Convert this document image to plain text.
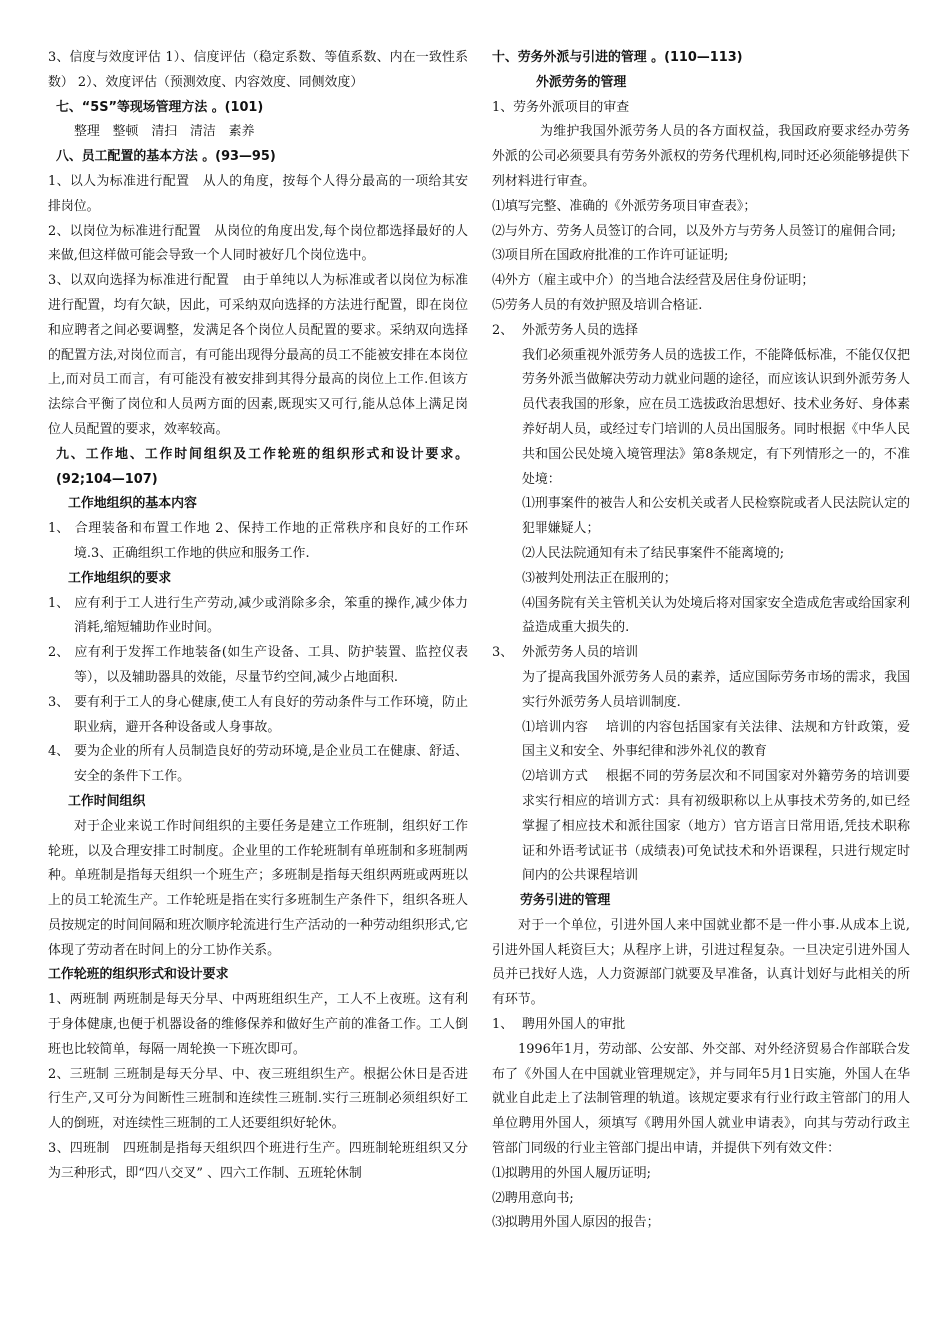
3、信度与效度评估 1）、信度评估（稳定系数、等值系数、内在一致性系数） 2）、效度评估（预测效度、内容效度、同侧效度）
七、“5S”等现场管理方法 。(101)
整理　整顿　清扫　清洁　素养
八、员工配置的基本方法 。(93—95)
1、以人为标准进行配置　从人的角度，按每个人得分最高的一项给其安排岗位。
2、以岗位为标准进行配置　从岗位的角度出发,每个岗位都选择最好的人来做,但这样做可能会导致一个人同时被好几个岗位选中。
3、以双向选择为标准进行配置　由于单纯以人为标准或者以岗位为标准进行配置，均有欠缺，因此，可采纳双向选择的方法进行配置，即在岗位和应聘者之间必要调整，发满足各个岗位人员配置的要求。采纳双向选择的配置方法,对岗位而言，有可能出现得分最高的员工不能被安排在本岗位上,而对员工而言，有可能没有被安排到其得分最高的岗位上工作.但该方法综合平衡了岗位和人员两方面的因素,既现实又可行,能从总体上满足岗位人员配置的要求，效率较高。
九、工作地、工作时间组织及工作轮班的组织形式和设计要求。(92;104—107)
工作地组织的基本内容
1、 合理装备和布置工作地 2、保持工作地的正常秩序和良好的工作环境.3、正确组织工作地的供应和服务工作.
工作地组织的要求
1、 应有利于工人进行生产劳动,减少或消除多余，笨重的操作,减少体力消耗,缩短辅助作业时间。
2、 应有利于发挥工作地装备(如生产设备、工具、防护装置、监控仪表等），以及辅助器具的效能，尽量节约空间,减少占地面积.
3、 要有利于工人的身心健康,使工人有良好的劳动条件与工作环境，防止职业病，避开各种设备或人身事故。
4、 要为企业的所有人员制造良好的劳动环境,是企业员工在健康、舒适、安全的条件下工作。
工作时间组织
对于企业来说工作时间组织的主要任务是建立工作班制，组织好工作轮班，以及合理安排工时制度。企业里的工作轮班制有单班制和多班制两种。单班制是指每天组织一个班生产；多班制是指每天组织两班或两班以上的员工轮流生产。工作轮班是指在实行多班制生产条件下，组织各班人员按规定的时间间隔和班次顺序轮流进行生产活动的一种劳动组织形式,它体现了劳动者在时间上的分工协作关系。
工作轮班的组织形式和设计要求
1、两班制 两班制是每天分早、中两班组织生产，工人不上夜班。这有利于身体健康,也便于机器设备的维修保养和做好生产前的准备工作。工人倒班也比较简单，每隔一周轮换一下班次即可。
2、三班制 三班制是每天分早、中、夜三班组织生产。根据公休日是否进行生产,又可分为间断性三班制和连续性三班制.实行三班制必须组织好工人的倒班，对连续性三班制的工人还要组织好轮休。
3、四班制　四班制是指每天组织四个班进行生产。四班制轮班组织又分为三种形式，即“四八交叉” 、四六工作制、五班轮休制
十、劳务外派与引进的管理 。(110—113)
外派劳务的管理
1、劳务外派项目的审查
为维护我国外派劳务人员的各方面权益，我国政府要求经办劳务外派的公司必须要具有劳务外派权的劳务代理机构,同时还必须能够提供下列材料进行审查。
⑴填写完整、准确的《外派劳务项目审查表》；
⑵与外方、劳务人员签订的合同，以及外方与劳务人员签订的雇佣合同;
⑶项目所在国政府批准的工作许可证证明;
⑷外方（雇主或中介）的当地合法经营及居住身份证明；
⑸劳务人员的有效护照及培训合格证.
2、 外派劳务人员的选择
我们必须重视外派劳务人员的选拔工作，不能降低标准，不能仅仅把劳务外派当做解决劳动力就业问题的途径，而应该认识到外派劳务人员代表我国的形象，应在员工选拔政治思想好、技术业务好、身体素养好胡人员，或经过专门培训的人员出国服务。同时根据《中华人民共和国公民处境入境管理法》第8条规定，有下列情形之一的，不准处境：
⑴刑事案件的被告人和公安机关或者人民检察院或者人民法院认定的犯罪嫌疑人；
⑵人民法院通知有未了结民事案件不能离境的;
⑶被判处刑法正在服刑的；
⑷国务院有关主管机关认为处境后将对国家安全造成危害或给国家利益造成重大损失的.
3、 外派劳务人员的培训
为了提高我国外派劳务人员的素养，适应国际劳务市场的需求，我国实行外派劳务人员培训制度.
⑴培训内容　 培训的内容包括国家有关法律、法规和方针政策，爱国主义和安全、外事纪律和涉外礼仪的教育
⑵培训方式　 根据不同的劳务层次和不同国家对外籍劳务的培训要求实行相应的培训方式：具有初级职称以上从事技术劳务的,如已经掌握了相应技术和派往国家（地方）官方语言日常用语,凭技术职称证和外语考试证书（成绩表)可免试技术和外语课程，只进行规定时间内的公共课程培训
劳务引进的管理
对于一个单位，引进外国人来中国就业都不是一件小事.从成本上说,引进外国人耗资巨大；从程序上讲，引进过程复杂。一旦决定引进外国人员并已找好人选，人力资源部门就要及早准备，认真计划好与此相关的所有环节。
1、 聘用外国人的审批
1996年1月，劳动部、公安部、外交部、对外经济贸易合作部联合发布了《外国人在中国就业管理规定》，并与同年5月1日实施，外国人在华就业自此走上了法制管理的轨道。该规定要求有行业行政主管部门的用人单位聘用外国人，须填写《聘用外国人就业申请表》，向其与劳动行政主管部门同级的行业主管部门提出申请，并提供下列有效文件：
⑴拟聘用的外国人履历证明;
⑵聘用意向书;
⑶拟聘用外国人原因的报告；
